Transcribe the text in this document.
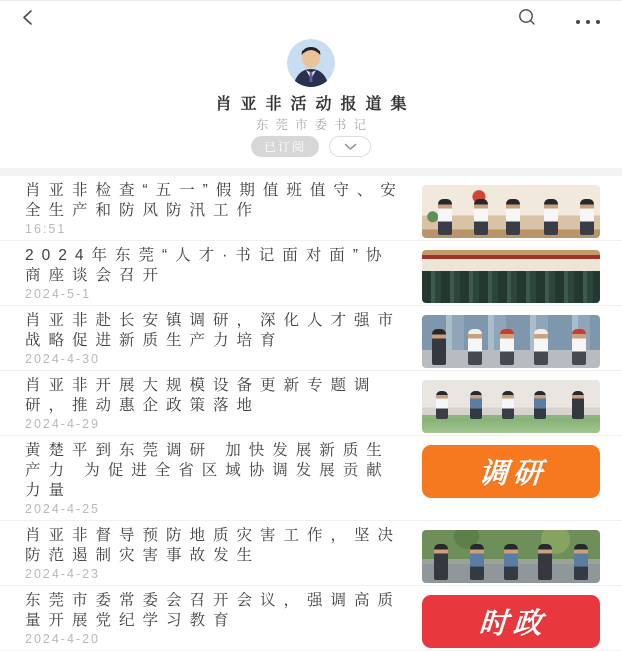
肖亚非活动报道集
东莞市委书记
已订阅

肖亚非检查“五一”假期值班值守、安全生产和防风防汛工作

16:51

2024年东莞“人才·书记面对面”协商座谈会召开

2024-5-1

肖亚非赴长安镇调研，深化人才强市战略促进新质生产力培育

2024-4-30

肖亚非开展大规模设备更新专题调研，推动惠企政策落地

2024-4-29

黄楚平到东莞调研 加快发展新质生产力 为促进全省区域协调发展贡献力量

2024-4-25

调研

肖亚非督导预防地质灾害工作，坚决防范遏制灾害事故发生

2024-4-23

东莞市委常委会召开会议，强调高质量开展党纪学习教育

2024-4-20	时政
